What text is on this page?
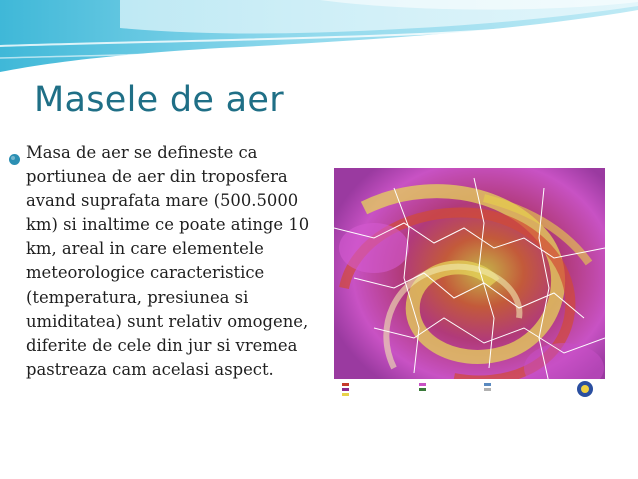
Masele de aer

Masa de aer se defineste ca portiunea de aer din troposfera avand suprafata mare (500.5000 km) si inaltime ce poate atinge 10 km, areal in care elementele meteorologice caracteristice (temperatura, presiunea si umiditatea) sunt relativ omogene, diferite de cele din jur si vremea pastreaza cam acelasi aspect.
